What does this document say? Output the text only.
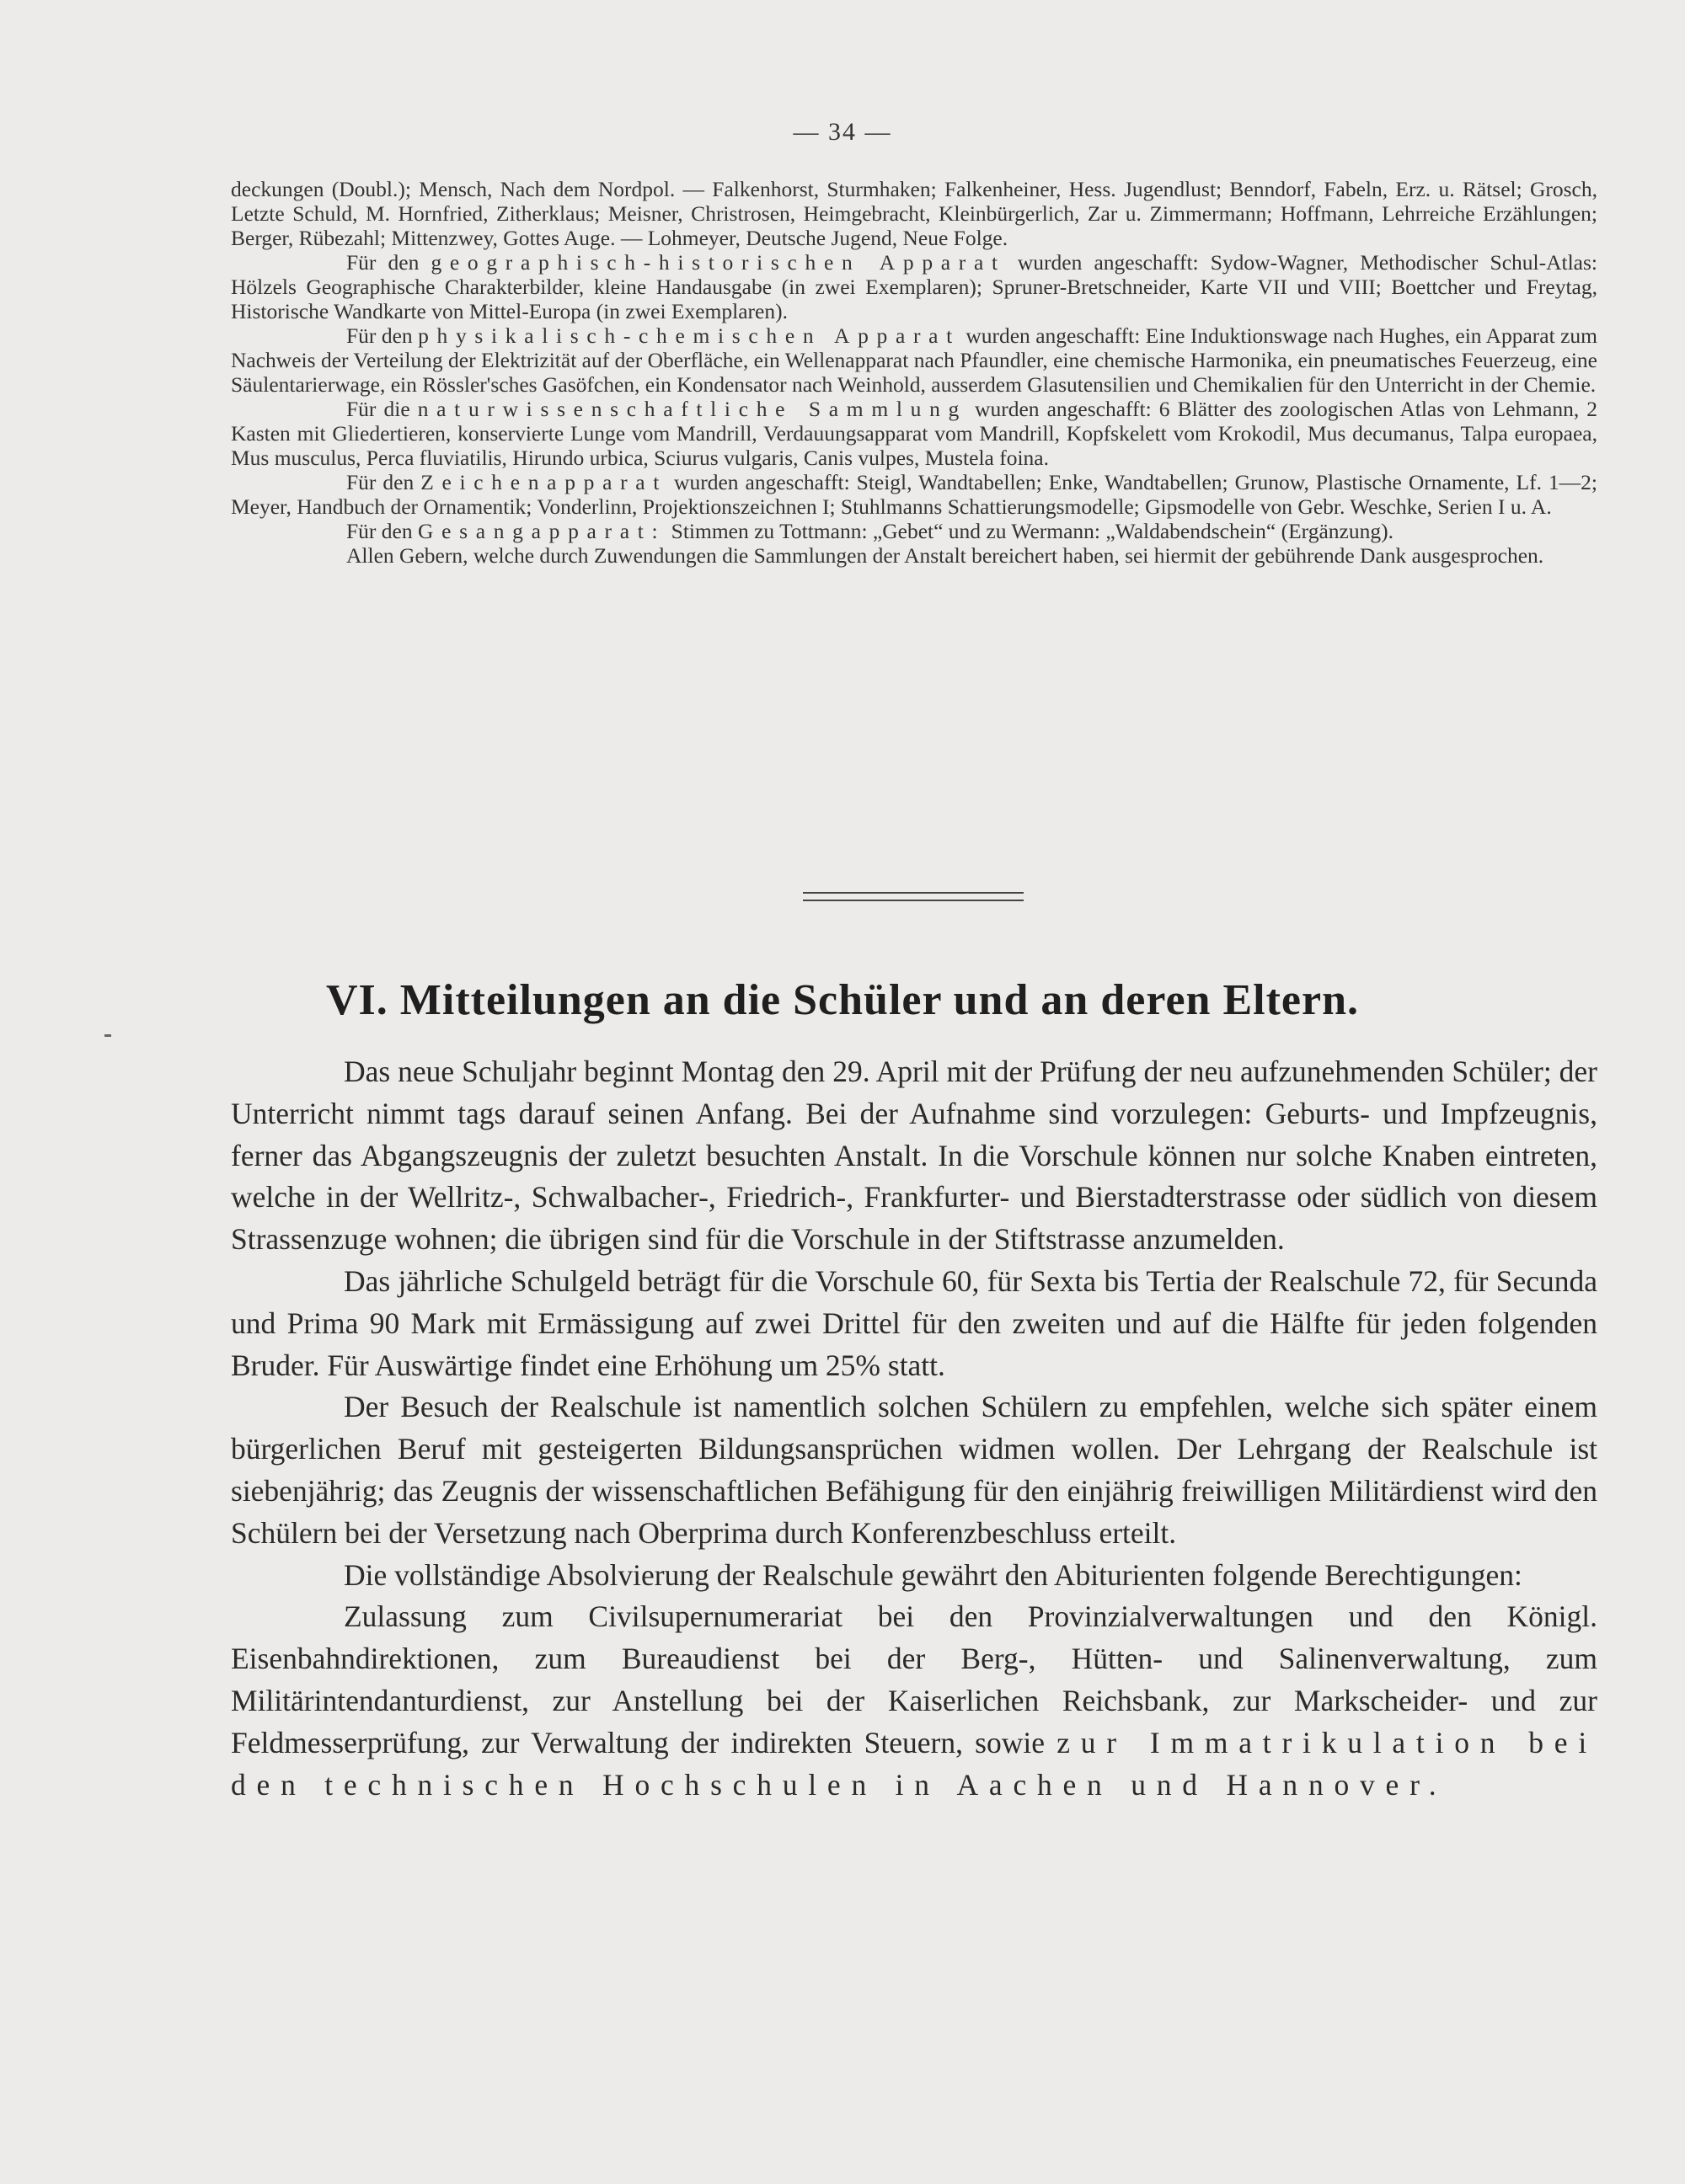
— 34 —

deckungen (Doubl.); Mensch, Nach dem Nordpol. — Falkenhorst, Sturmhaken; Falkenheiner, Hess. Jugendlust; Benndorf, Fabeln, Erz. u. Rätsel; Grosch, Letzte Schuld, M. Hornfried, Zitherklaus; Meisner, Christrosen, Heimgebracht, Kleinbürgerlich, Zar u. Zimmermann; Hoffmann, Lehrreiche Erzählungen; Berger, Rübezahl; Mittenzwey, Gottes Auge. — Lohmeyer, Deutsche Jugend, Neue Folge.

Für den geographisch-historischen Apparat wurden angeschafft: Sydow-Wagner, Methodischer Schul-Atlas: Hölzels Geographische Charakterbilder, kleine Handausgabe (in zwei Exemplaren); Spruner-Bretschneider, Karte VII und VIII; Boettcher und Freytag, Historische Wandkarte von Mittel-Europa (in zwei Exemplaren).

Für den physikalisch-chemischen Apparat wurden angeschafft: Eine Induktionswage nach Hughes, ein Apparat zum Nachweis der Verteilung der Elektrizität auf der Oberfläche, ein Wellenapparat nach Pfaundler, eine chemische Harmonika, ein pneumatisches Feuerzeug, eine Säulentarierwage, ein Rössler'sches Gasöfchen, ein Kondensator nach Weinhold, ausserdem Glasutensilien und Chemikalien für den Unterricht in der Chemie.

Für die naturwissenschaftliche Sammlung wurden angeschafft: 6 Blätter des zoologischen Atlas von Lehmann, 2 Kasten mit Gliedertieren, konservierte Lunge vom Mandrill, Verdauungsapparat vom Mandrill, Kopfskelett vom Krokodil, Mus decumanus, Talpa europaea, Mus musculus, Perca fluviatilis, Hirundo urbica, Sciurus vulgaris, Canis vulpes, Mustela foina.

Für den Zeichenapparat wurden angeschafft: Steigl, Wandtabellen; Enke, Wandtabellen; Grunow, Plastische Ornamente, Lf. 1—2; Meyer, Handbuch der Ornamentik; Vonderlinn, Projektionszeichnen I; Stuhlmanns Schattierungsmodelle; Gipsmodelle von Gebr. Weschke, Serien I u. A.

Für den Gesangapparat: Stimmen zu Tottmann: „Gebet“ und zu Wermann: „Waldabendschein“ (Ergänzung).

Allen Gebern, welche durch Zuwendungen die Sammlungen der Anstalt bereichert haben, sei hiermit der gebührende Dank ausgesprochen.

VI. Mitteilungen an die Schüler und an deren Eltern.

Das neue Schuljahr beginnt Montag den 29. April mit der Prüfung der neu aufzunehmenden Schüler; der Unterricht nimmt tags darauf seinen Anfang. Bei der Aufnahme sind vorzulegen: Geburts- und Impfzeugnis, ferner das Abgangszeugnis der zuletzt besuchten Anstalt. In die Vorschule können nur solche Knaben eintreten, welche in der Wellritz-, Schwalbacher-, Friedrich-, Frankfurter- und Bierstadterstrasse oder südlich von diesem Strassenzuge wohnen; die übrigen sind für die Vorschule in der Stiftstrasse anzumelden.

Das jährliche Schulgeld beträgt für die Vorschule 60, für Sexta bis Tertia der Realschule 72, für Secunda und Prima 90 Mark mit Ermässigung auf zwei Drittel für den zweiten und auf die Hälfte für jeden folgenden Bruder. Für Auswärtige findet eine Erhöhung um 25% statt.

Der Besuch der Realschule ist namentlich solchen Schülern zu empfehlen, welche sich später einem bürgerlichen Beruf mit gesteigerten Bildungsansprüchen widmen wollen. Der Lehrgang der Realschule ist siebenjährig; das Zeugnis der wissenschaftlichen Befähigung für den einjährig freiwilligen Militärdienst wird den Schülern bei der Versetzung nach Oberprima durch Konferenzbeschluss erteilt.

Die vollständige Absolvierung der Realschule gewährt den Abiturienten folgende Berechtigungen:

Zulassung zum Civilsupernumerariat bei den Provinzialverwaltungen und den Königl. Eisenbahndirektionen, zum Bureaudienst bei der Berg-, Hütten- und Salinenverwaltung, zum Militärintendanturdienst, zur Anstellung bei der Kaiserlichen Reichsbank, zur Markscheider- und zur Feldmesserprüfung, zur Verwaltung der indirekten Steuern, sowie zur Immatrikulation bei den technischen Hochschulen in Aachen und Hannover.
